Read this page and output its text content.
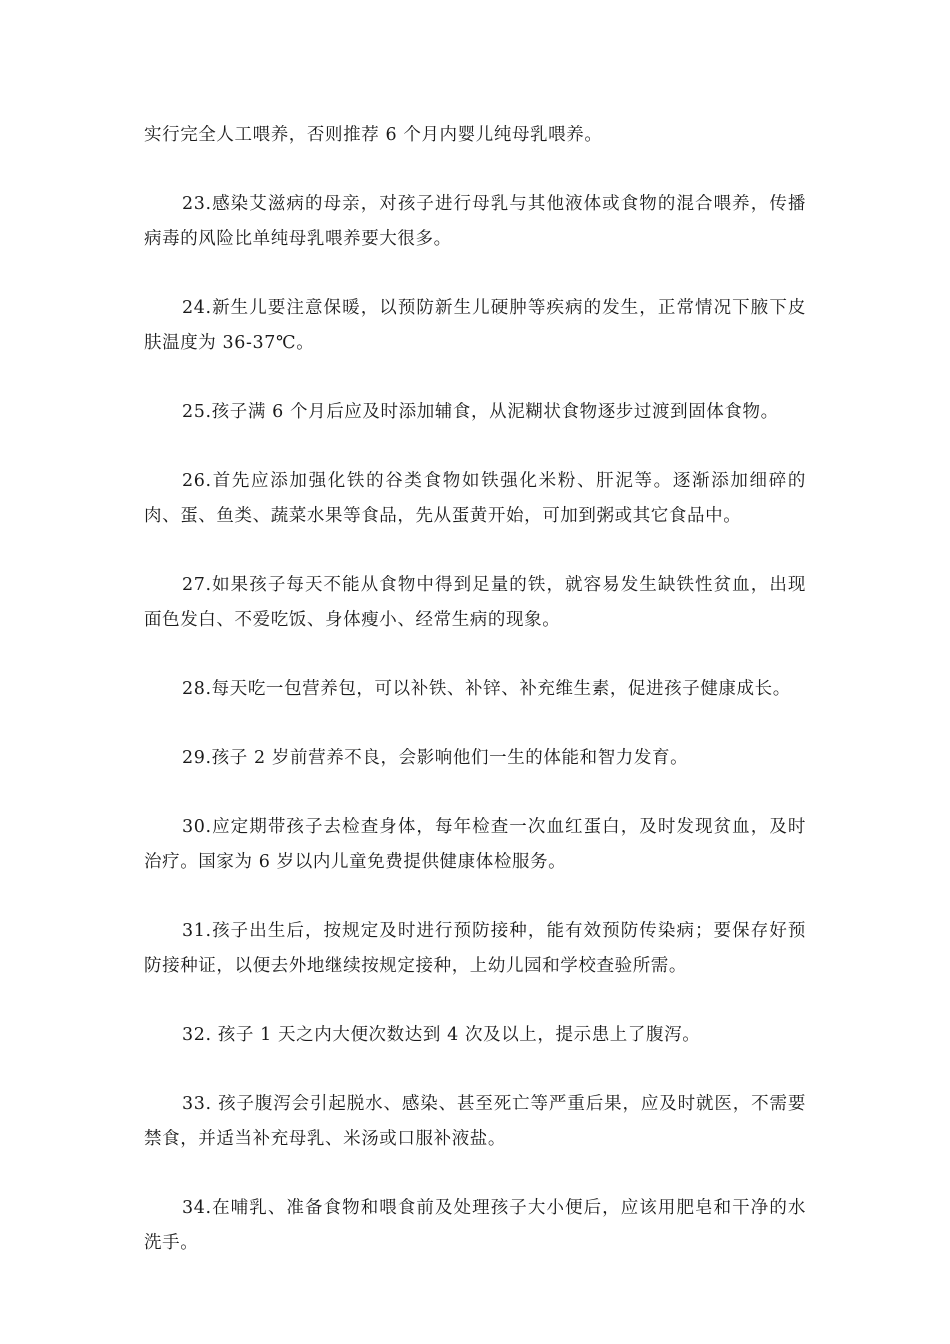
实行完全人工喂养，否则推荐 6 个月内婴儿纯母乳喂养。

23.感染艾滋病的母亲，对孩子进行母乳与其他液体或食物的混合喂养，传播病毒的风险比单纯母乳喂养要大很多。

24.新生儿要注意保暖，以预防新生儿硬肿等疾病的发生，正常情况下腋下皮肤温度为 36-37℃。

25.孩子满 6 个月后应及时添加辅食，从泥糊状食物逐步过渡到固体食物。

26.首先应添加强化铁的谷类食物如铁强化米粉、肝泥等。逐渐添加细碎的肉、蛋、鱼类、蔬菜水果等食品，先从蛋黄开始，可加到粥或其它食品中。

27.如果孩子每天不能从食物中得到足量的铁，就容易发生缺铁性贫血，出现面色发白、不爱吃饭、身体瘦小、经常生病的现象。

28.每天吃一包营养包，可以补铁、补锌、补充维生素，促进孩子健康成长。

29.孩子 2 岁前营养不良，会影响他们一生的体能和智力发育。

30.应定期带孩子去检查身体，每年检查一次血红蛋白，及时发现贫血，及时治疗。国家为 6 岁以内儿童免费提供健康体检服务。

31.孩子出生后，按规定及时进行预防接种，能有效预防传染病；要保存好预防接种证，以便去外地继续按规定接种，上幼儿园和学校查验所需。

32. 孩子 1 天之内大便次数达到 4 次及以上，提示患上了腹泻。

33. 孩子腹泻会引起脱水、感染、甚至死亡等严重后果，应及时就医，不需要禁食，并适当补充母乳、米汤或口服补液盐。

34.在哺乳、准备食物和喂食前及处理孩子大小便后，应该用肥皂和干净的水洗手。
